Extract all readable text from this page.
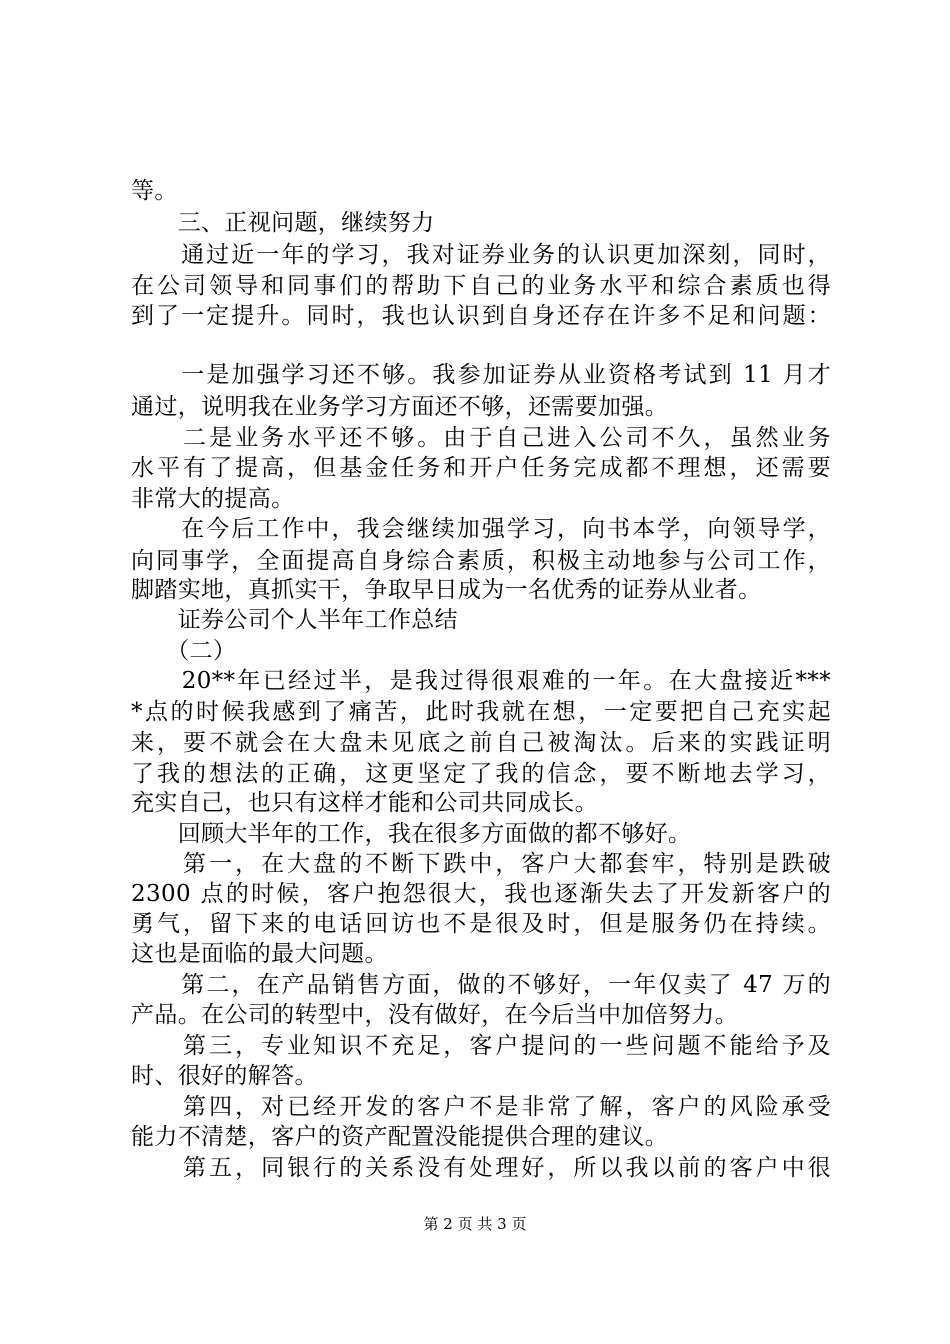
等。
　　三、正视问题，继续努力
　　通过近一年的学习，我对证券业务的认识更加深刻，同时，
在公司领导和同事们的帮助下自己的业务水平和综合素质也得
到了一定提升。同时，我也认识到自身还存在许多不足和问题：
　　一是加强学习还不够。我参加证券从业资格考试到 11 月才
通过，说明我在业务学习方面还不够，还需要加强。
　　二是业务水平还不够。由于自己进入公司不久，虽然业务
水平有了提高，但基金任务和开户任务完成都不理想，还需要
非常大的提高。
　　在今后工作中，我会继续加强学习，向书本学，向领导学，
向同事学，全面提高自身综合素质，积极主动地参与公司工作，
脚踏实地，真抓实干，争取早日成为一名优秀的证券从业者。
　　证券公司个人半年工作总结
　　（二）
　　20**年已经过半，是我过得很艰难的一年。在大盘接近***
*点的时候我感到了痛苦，此时我就在想，一定要把自己充实起
来，要不就会在大盘未见底之前自己被淘汰。后来的实践证明
了我的想法的正确，这更坚定了我的信念，要不断地去学习，
充实自己，也只有这样才能和公司共同成长。
　　回顾大半年的工作，我在很多方面做的都不够好。
　　第一，在大盘的不断下跌中，客户大都套牢，特别是跌破
2300 点的时候，客户抱怨很大，我也逐渐失去了开发新客户的
勇气，留下来的电话回访也不是很及时，但是服务仍在持续。
这也是面临的最大问题。
　　第二，在产品销售方面，做的不够好，一年仅卖了 47 万的
产品。在公司的转型中，没有做好，在今后当中加倍努力。
　　第三，专业知识不充足，客户提问的一些问题不能给予及
时、很好的解答。
　　第四，对已经开发的客户不是非常了解，客户的风险承受
能力不清楚，客户的资产配置没能提供合理的建议。
　　第五，同银行的关系没有处理好，所以我以前的客户中很
第 2 页 共 3 页
